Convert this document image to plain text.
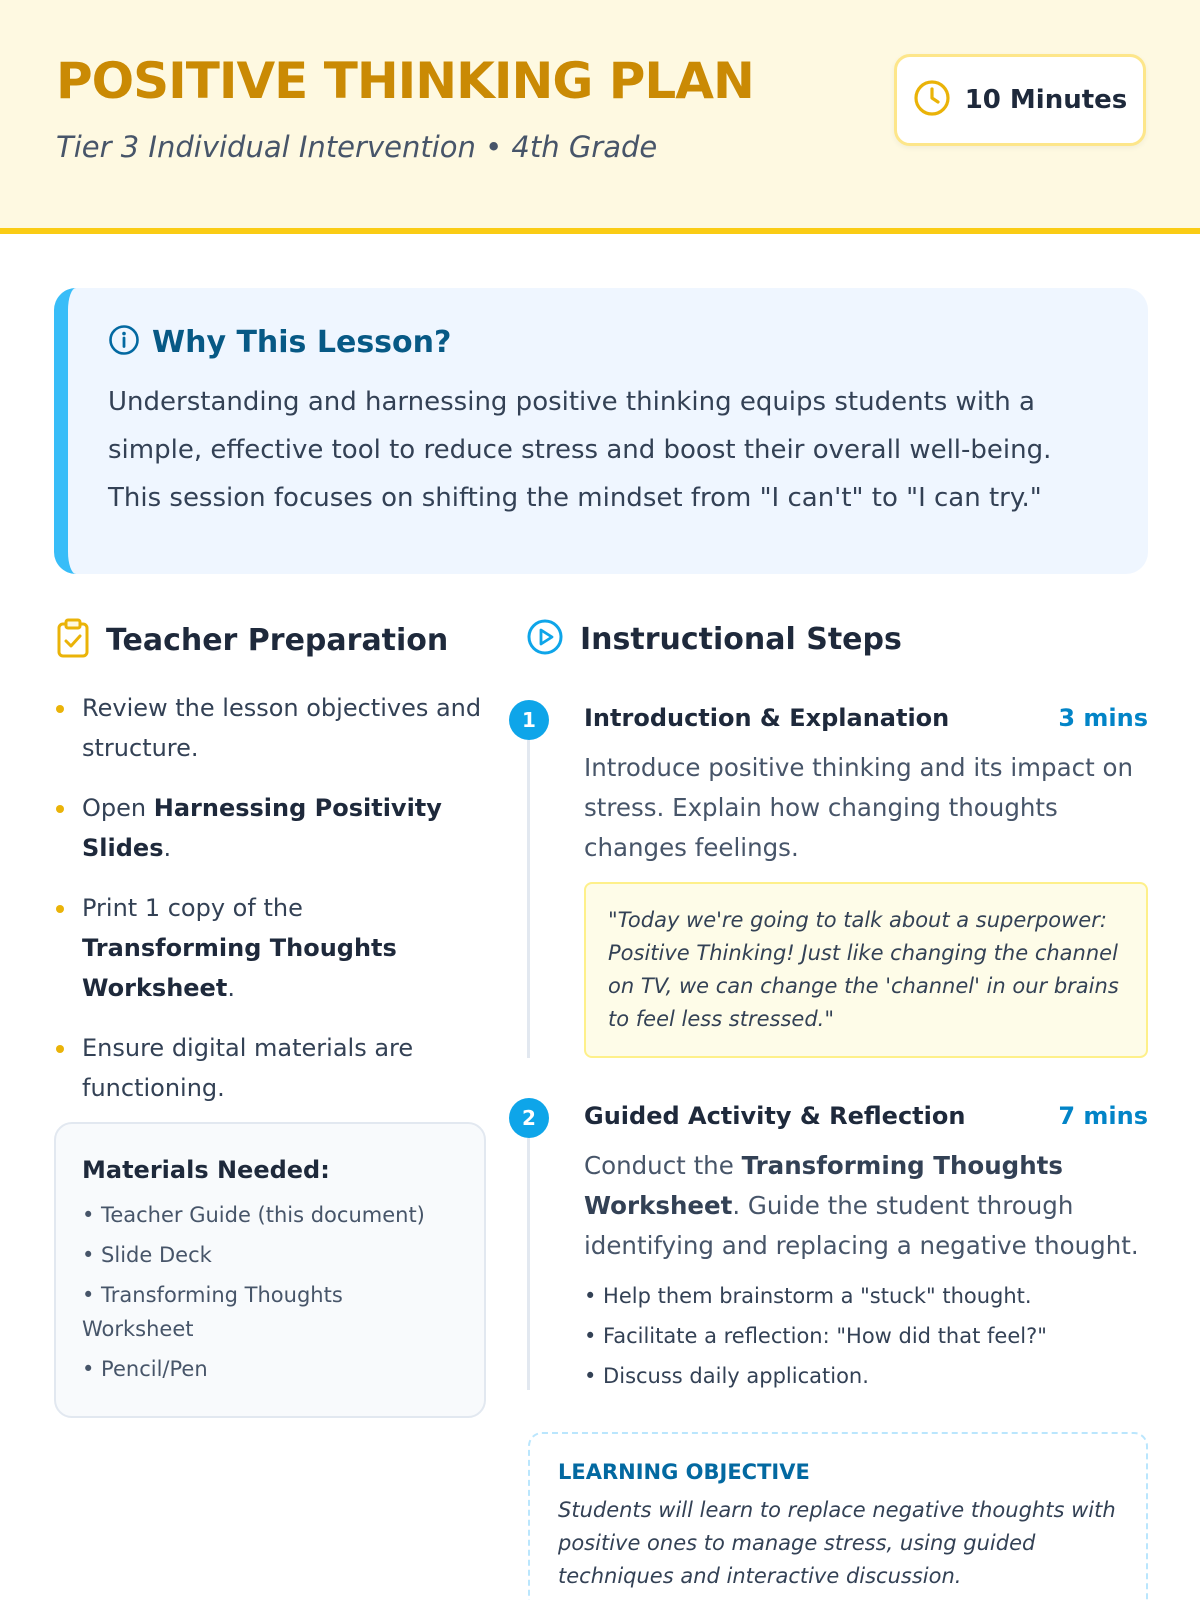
POSITIVE THINKING PLAN
Tier 3 Individual Intervention • 4th Grade
10 Minutes
Why This Lesson?
Understanding and harnessing positive thinking equips students with a simple, effective tool to reduce stress and boost their overall well-being. This session focuses on shifting the mindset from "I can't" to "I can try."
Teacher Preparation
Review the lesson objectives and structure.
Open Harnessing Positivity Slides.
Print 1 copy of the Transforming Thoughts Worksheet.
Ensure digital materials are functioning.
Materials Needed:
• Teacher Guide (this document)
• Slide Deck
• Transforming Thoughts Worksheet
• Pencil/Pen
Instructional Steps
1	Introduction & Explanation	3 mins
Introduce positive thinking and its impact on stress. Explain how changing thoughts changes feelings.
"Today we're going to talk about a superpower: Positive Thinking! Just like changing the channel on TV, we can change the 'channel' in our brains to feel less stressed."
2	Guided Activity & Reflection	7 mins
Conduct the Transforming Thoughts Worksheet. Guide the student through identifying and replacing a negative thought.
• Help them brainstorm a "stuck" thought.
• Facilitate a reflection: "How did that feel?"
• Discuss daily application.
LEARNING OBJECTIVE
Students will learn to replace negative thoughts with positive ones to manage stress, using guided techniques and interactive discussion.
